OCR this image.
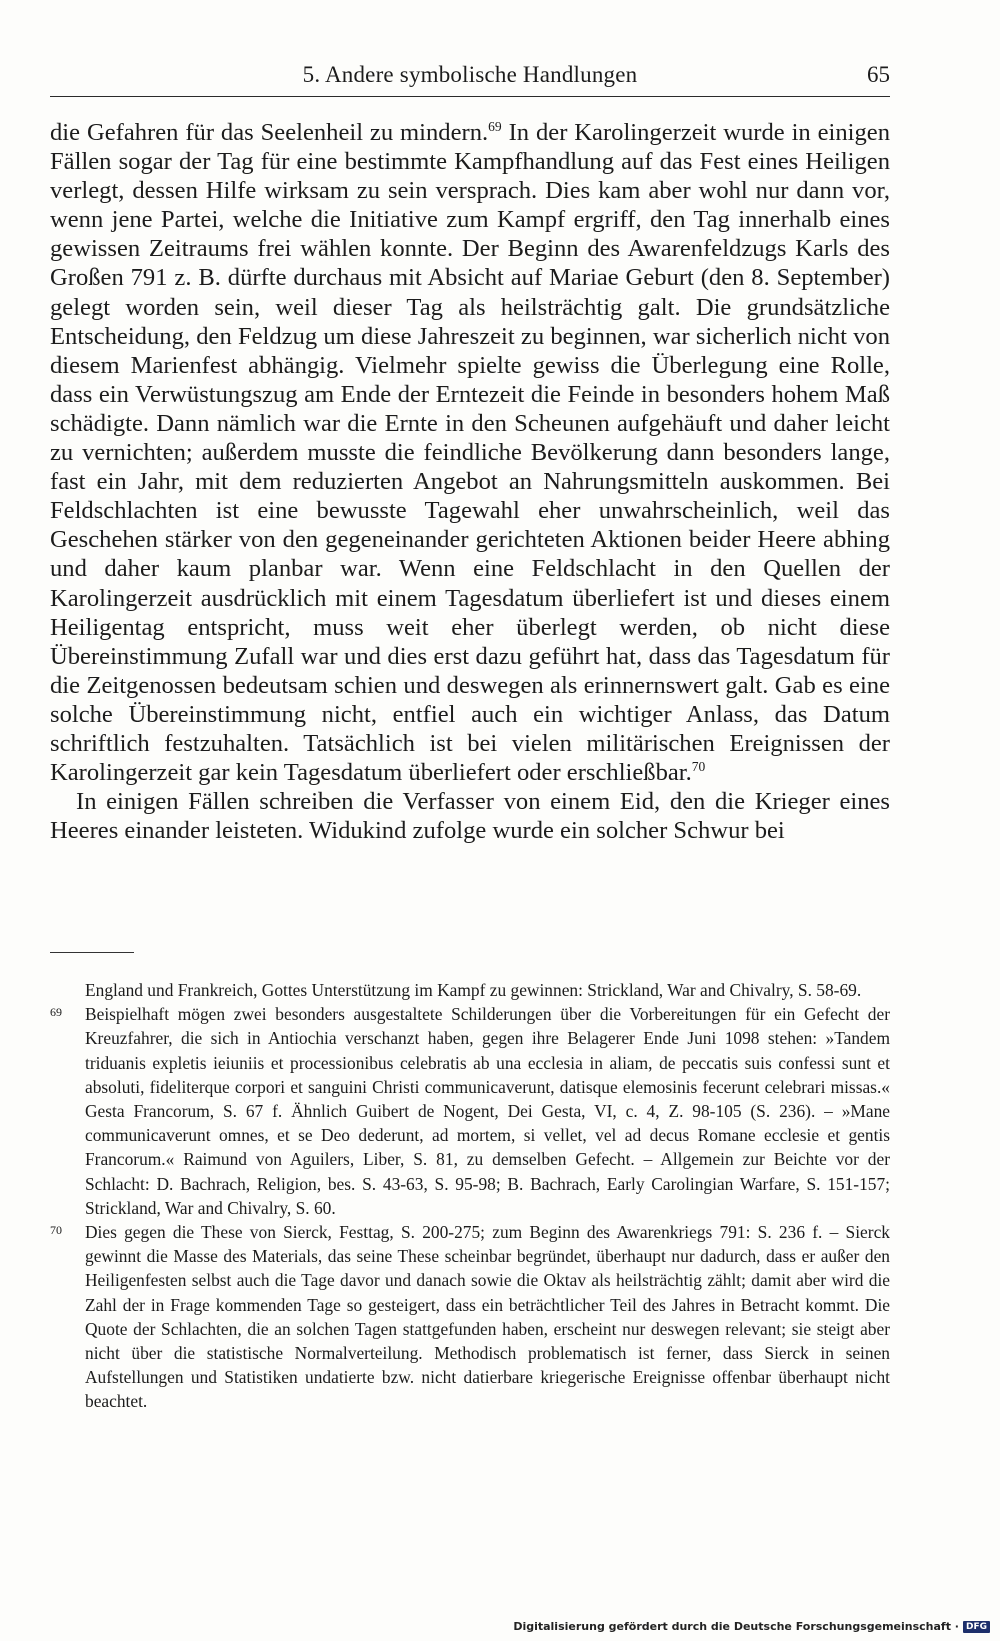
5. Andere symbolische Handlungen	65

die Gefahren für das Seelenheil zu mindern.$^{69}$ In der Karolingerzeit wurde in einigen Fällen sogar der Tag für eine bestimmte Kampfhandlung auf das Fest eines Heiligen verlegt, dessen Hilfe wirksam zu sein versprach. Dies kam aber wohl nur dann vor, wenn jene Partei, welche die Initiative zum Kampf ergriff, den Tag innerhalb eines gewissen Zeitraums frei wählen konnte. Der Beginn des Awarenfeldzugs Karls des Großen 791 z. B. dürfte durchaus mit Absicht auf Mariae Geburt (den 8. September) gelegt worden sein, weil dieser Tag als heilsträchtig galt. Die grundsätzliche Entscheidung, den Feldzug um diese Jahreszeit zu beginnen, war sicherlich nicht von diesem Marienfest abhängig. Vielmehr spielte gewiss die Überlegung eine Rolle, dass ein Verwüstungszug am Ende der Erntezeit die Feinde in besonders hohem Maß schädigte. Dann nämlich war die Ernte in den Scheunen aufgehäuft und daher leicht zu vernichten; außerdem musste die feindliche Bevölkerung dann besonders lange, fast ein Jahr, mit dem reduzierten Angebot an Nahrungsmitteln auskommen. Bei Feldschlachten ist eine bewusste Tagewahl eher unwahrscheinlich, weil das Geschehen stärker von den gegeneinander gerichteten Aktionen beider Heere abhing und daher kaum planbar war. Wenn eine Feldschlacht in den Quellen der Karolingerzeit ausdrücklich mit einem Tagesdatum überliefert ist und dieses einem Heiligentag entspricht, muss weit eher überlegt werden, ob nicht diese Übereinstimmung Zufall war und dies erst dazu geführt hat, dass das Tagesdatum für die Zeitgenossen bedeutsam schien und deswegen als erinnernswert galt. Gab es eine solche Übereinstimmung nicht, entfiel auch ein wichtiger Anlass, das Datum schriftlich festzuhalten. Tatsächlich ist bei vielen militärischen Ereignissen der Karolingerzeit gar kein Tagesdatum überliefert oder erschließbar.$^{70}$

In einigen Fällen schreiben die Verfasser von einem Eid, den die Krieger eines Heeres einander leisteten. Widukind zufolge wurde ein solcher Schwur bei

England und Frankreich, Gottes Unterstützung im Kampf zu gewinnen: Strickland, War and Chivalry, S. 58-69.

69 Beispielhaft mögen zwei besonders ausgestaltete Schilderungen über die Vorbereitungen für ein Gefecht der Kreuzfahrer, die sich in Antiochia verschanzt haben, gegen ihre Belagerer Ende Juni 1098 stehen: »Tandem triduanis expletis ieiuniis et processionibus celebratis ab una ecclesia in aliam, de peccatis suis confessi sunt et absoluti, fideliterque corpori et sanguini Christi communicaverunt, datisque elemosinis fecerunt celebrari missas.« Gesta Francorum, S. 67 f. Ähnlich Guibert de Nogent, Dei Gesta, VI, c. 4, Z. 98-105 (S. 236). – »Mane communicaverunt omnes, et se Deo dederunt, ad mortem, si vellet, vel ad decus Romane ecclesie et gentis Francorum.« Raimund von Aguilers, Liber, S. 81, zu demselben Gefecht. – Allgemein zur Beichte vor der Schlacht: D. Bachrach, Religion, bes. S. 43-63, S. 95-98; B. Bachrach, Early Carolingian Warfare, S. 151-157; Strickland, War and Chivalry, S. 60.

70 Dies gegen die These von Sierck, Festtag, S. 200-275; zum Beginn des Awarenkriegs 791: S. 236 f. – Sierck gewinnt die Masse des Materials, das seine These scheinbar begründet, überhaupt nur dadurch, dass er außer den Heiligenfesten selbst auch die Tage davor und danach sowie die Oktav als heilsträchtig zählt; damit aber wird die Zahl der in Frage kommenden Tage so gesteigert, dass ein beträchtlicher Teil des Jahres in Betracht kommt. Die Quote der Schlachten, die an solchen Tagen stattgefunden haben, erscheint nur deswegen relevant; sie steigt aber nicht über die statistische Normalverteilung. Methodisch problematisch ist ferner, dass Sierck in seinen Aufstellungen und Statistiken undatierte bzw. nicht datierbare kriegerische Ereignisse offenbar überhaupt nicht beachtet.

Digitalisierung gefördert durch die Deutsche Forschungsgemeinschaft · DFG
